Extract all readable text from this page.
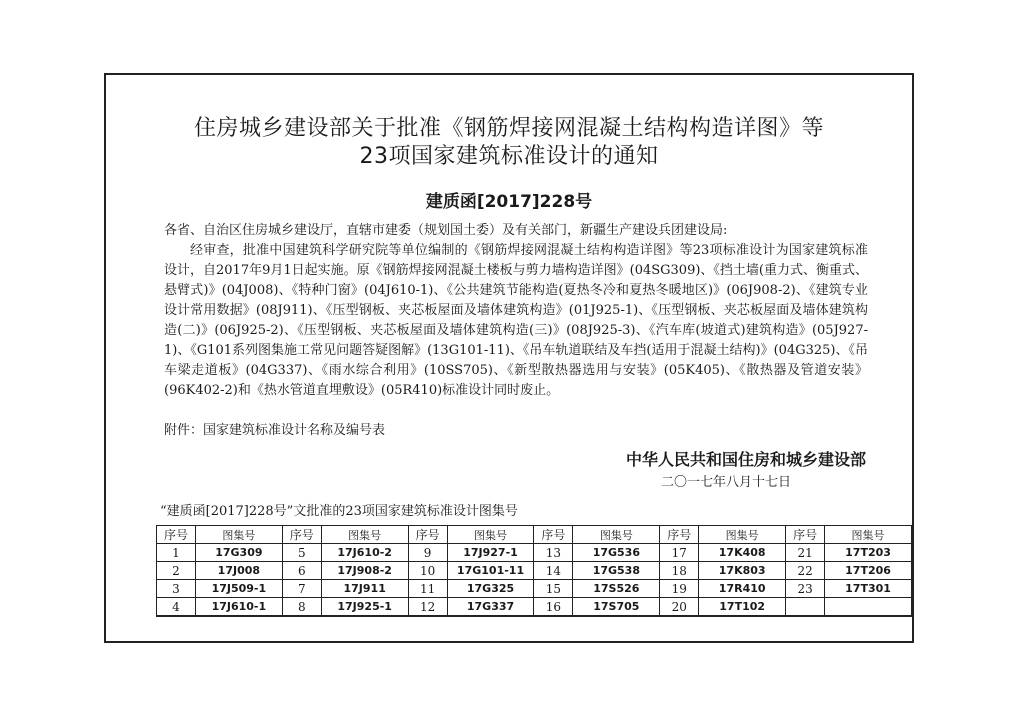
住房城乡建设部关于批准《钢筋焊接网混凝土结构构造详图》等
23项国家建筑标准设计的通知
建质函[2017]228号
各省、自治区住房城乡建设厅，直辖市建委（规划国土委）及有关部门，新疆生产建设兵团建设局:
经审查，批准中国建筑科学研究院等单位编制的《钢筋焊接网混凝土结构构造详图》等23项标准设计为国家建筑标准设计，自2017年9月1日起实施。原《钢筋焊接网混凝土楼板与剪力墙构造详图》(04SG309)、《挡土墙(重力式、衡重式、悬臂式)》(04J008)、《特种门窗》(04J610-1)、《公共建筑节能构造(夏热冬冷和夏热冬暖地区)》(06J908-2)、《建筑专业设计常用数据》(08J911)、《压型钢板、夹芯板屋面及墙体建筑构造》(01J925-1)、《压型钢板、夹芯板屋面及墙体建筑构造(二)》(06J925-2)、《压型钢板、夹芯板屋面及墙体建筑构造(三)》(08J925-3)、《汽车库(坡道式)建筑构造》(05J927-1)、《G101系列图集施工常见问题答疑图解》(13G101-11)、《吊车轨道联结及车挡(适用于混凝土结构)》(04G325)、《吊车梁走道板》(04G337)、《雨水综合利用》(10SS705)、《新型散热器选用与安装》(05K405)、《散热器及管道安装》(96K402-2)和《热水管道直埋敷设》(05R410)标准设计同时废止。
附件：国家建筑标准设计名称及编号表
中华人民共和国住房和城乡建设部
二〇一七年八月十七日
“建质函[2017]228号”文批准的23项国家建筑标准设计图集号
序号	图集号	序号	图集号	序号	图集号	序号	图集号	序号	图集号	序号	图集号
1	17G309	5	17J610-2	9	17J927-1	13	17G536	17	17K408	21	17T203
2	17J008	6	17J908-2	10	17G101-11	14	17G538	18	17K803	22	17T206
3	17J509-1	7	17J911	11	17G325	15	17S526	19	17R410	23	17T301
4	17J610-1	8	17J925-1	12	17G337	16	17S705	20	17T102		
